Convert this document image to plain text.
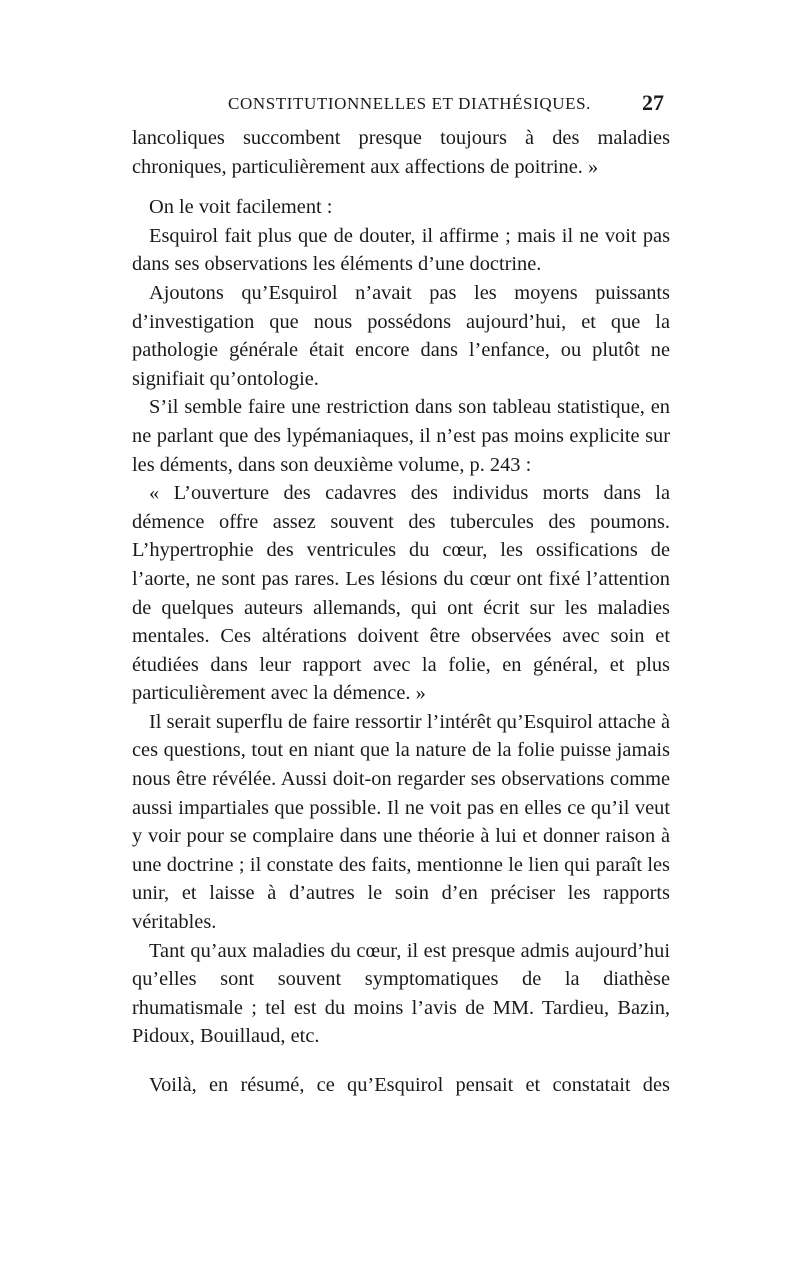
CONSTITUTIONNELLES ET DIATHÉSIQUES. 27

lancoliques succombent presque toujours à des maladies chroniques, particulièrement aux affections de poitrine. »

On le voit facilement :

Esquirol fait plus que de douter, il affirme ; mais il ne voit pas dans ses observations les éléments d’une doctrine.

Ajoutons qu’Esquirol n’avait pas les moyens puissants d’investigation que nous possédons aujourd’hui, et que la pathologie générale était encore dans l’enfance, ou plutôt ne signifiait qu’ontologie.

S’il semble faire une restriction dans son tableau statistique, en ne parlant que des lypémaniaques, il n’est pas moins explicite sur les déments, dans son deuxième volume, p. 243 :

« L’ouverture des cadavres des individus morts dans la démence offre assez souvent des tubercules des poumons. L’hypertrophie des ventricules du cœur, les ossifications de l’aorte, ne sont pas rares. Les lésions du cœur ont fixé l’attention de quelques auteurs allemands, qui ont écrit sur les maladies mentales. Ces altérations doivent être observées avec soin et étudiées dans leur rapport avec la folie, en général, et plus particulièrement avec la démence. »

Il serait superflu de faire ressortir l’intérêt qu’Esquirol attache à ces questions, tout en niant que la nature de la folie puisse jamais nous être révélée. Aussi doit-on regarder ses observations comme aussi impartiales que possible. Il ne voit pas en elles ce qu’il veut y voir pour se complaire dans une théorie à lui et donner raison à une doctrine ; il constate des faits, mentionne le lien qui paraît les unir, et laisse à d’autres le soin d’en préciser les rapports véritables.

Tant qu’aux maladies du cœur, il est presque admis aujourd’hui qu’elles sont souvent symptomatiques de la diathèse rhumatismale ; tel est du moins l’avis de MM. Tardieu, Bazin, Pidoux, Bouillaud, etc.

Voilà, en résumé, ce qu’Esquirol pensait et constatait des
